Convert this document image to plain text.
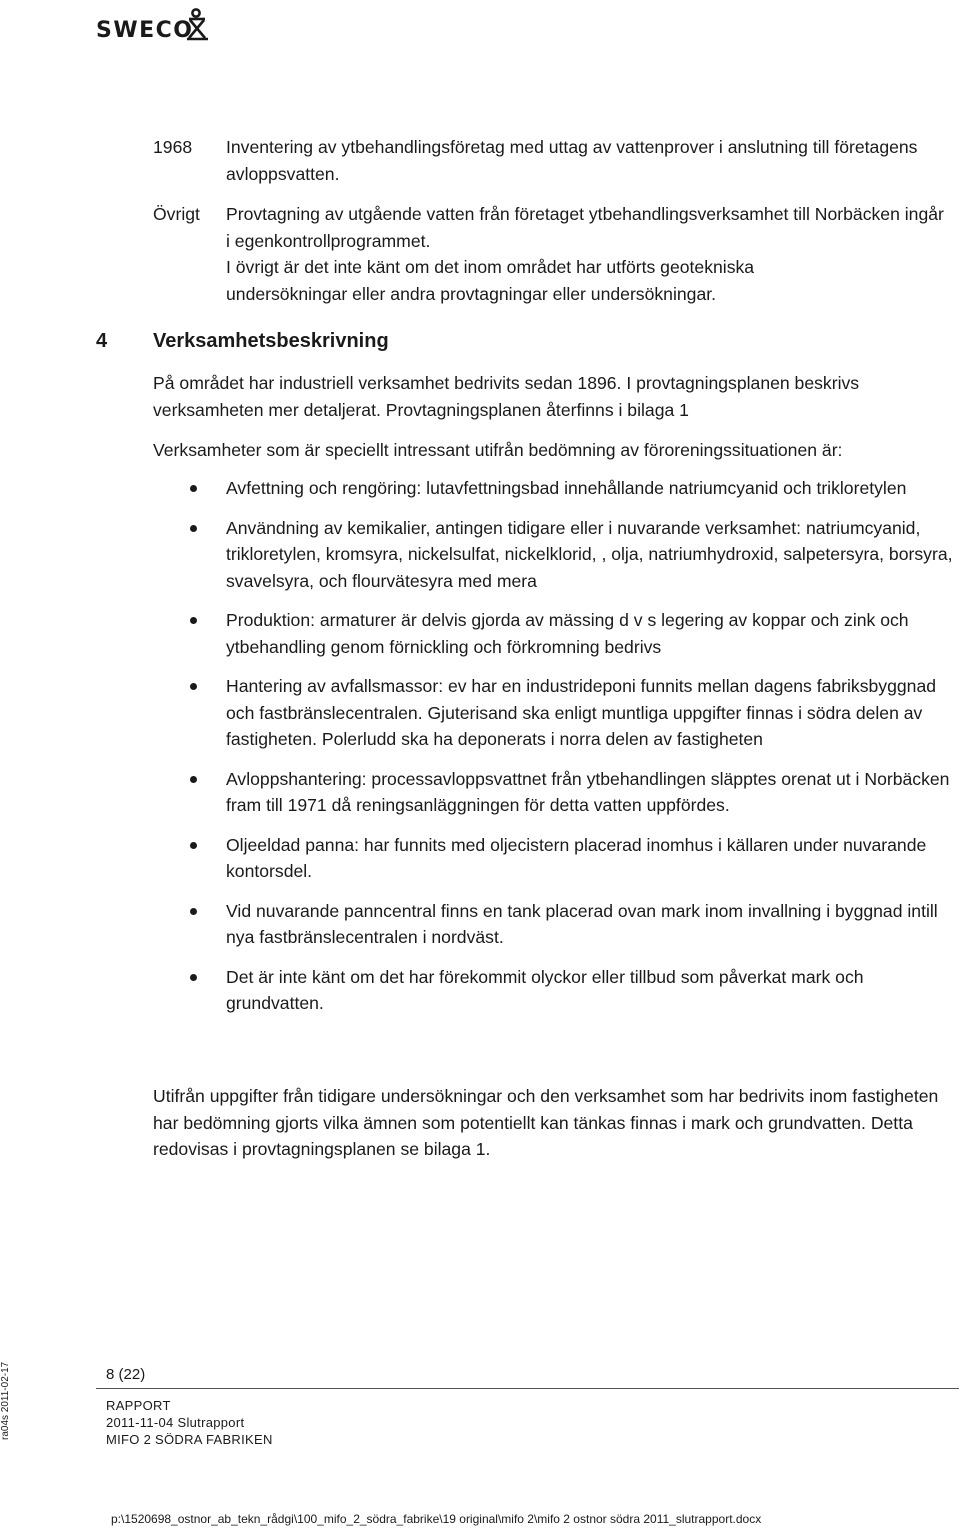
SWECO
1968	Inventering av ytbehandlingsföretag med uttag av vattenprover i anslutning till företagens avloppsvatten.

Övrigt	Provtagning av utgående vatten från företaget ytbehandlingsverksamhet till Norbäcken ingår i egenkontrollprogrammet.

I övrigt är det inte känt om det inom området har utförts geotekniska undersökningar eller andra provtagningar eller undersökningar.

4 Verksamhetsbeskrivning

På området har industriell verksamhet bedrivits sedan 1896. I provtagningsplanen beskrivs verksamheten mer detaljerat. Provtagningsplanen återfinns i bilaga 1

Verksamheter som är speciellt intressant utifrån bedömning av föroreningssituationen är:

Avfettning och rengöring: lutavfettningsbad innehållande natriumcyanid och trikloretylen

Användning av kemikalier, antingen tidigare eller i nuvarande verksamhet: natriumcyanid, trikloretylen, kromsyra, nickelsulfat, nickelklorid, , olja, natriumhydroxid, salpetersyra, borsyra, svavelsyra, och flourvätesyra med mera

Produktion: armaturer är delvis gjorda av mässing d v s legering av koppar och zink och ytbehandling genom förnickling och förkromning bedrivs

Hantering av avfallsmassor: ev har en industrideponi funnits mellan dagens fabriksbyggnad och fastbränslecentralen. Gjuterisand ska enligt muntliga uppgifter finnas i södra delen av fastigheten. Polerludd ska ha deponerats i norra delen av fastigheten

Avloppshantering: processavloppsvattnet från ytbehandlingen släpptes orenat ut i Norbäcken fram till 1971 då reningsanläggningen för detta vatten uppfördes.

Oljeeldad panna: har funnits med oljecistern placerad inomhus i källaren under nuvarande kontorsdel.

Vid nuvarande panncentral finns en tank placerad ovan mark inom invallning i byggnad intill nya fastbränslecentralen i nordväst.

Det är inte känt om det har förekommit olyckor eller tillbud som påverkat mark och grundvatten.

Utifrån uppgifter från tidigare undersökningar och den verksamhet som har bedrivits inom fastigheten har bedömning gjorts vilka ämnen som potentiellt kan tänkas finnas i mark och grundvatten. Detta redovisas i provtagningsplanen se bilaga 1.

8 (22)
RAPPORT
2011-11-04 Slutrapport
MIFO 2 SÖDRA FABRIKEN
ra04s 2011-02-17
p:\1520698_ostnor_ab_tekn_rådgi\100_mifo_2_södra_fabrike\19 original\mifo 2\mifo 2 ostnor södra 2011_slutrapport.docx
